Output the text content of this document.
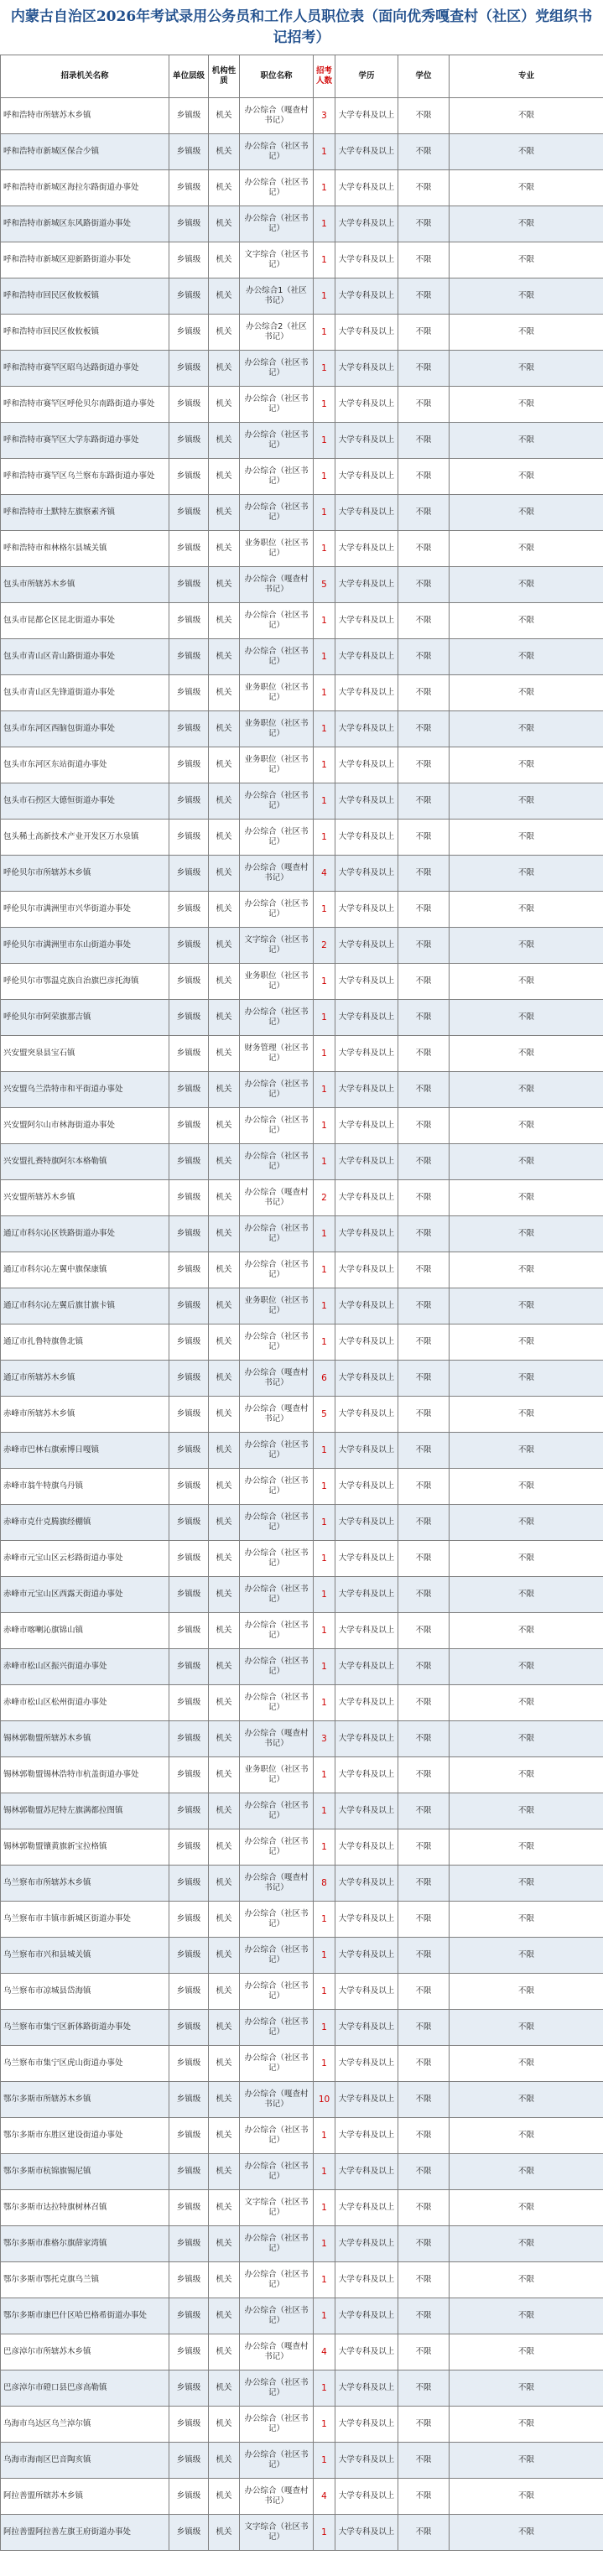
内蒙古自治区2026年考试录用公务员和工作人员职位表（面向优秀嘎查村（社区）党组织书记招考）
招录机关名称	单位层级	机构性质	职位名称	招考人数	学历	学位	专业
呼和浩特市所辖苏木乡镇	乡镇级	机关	办公综合（嘎查村书记）	3	大学专科及以上	不限	不限
呼和浩特市新城区保合少镇	乡镇级	机关	办公综合（社区书记）	1	大学专科及以上	不限	不限
呼和浩特市新城区海拉尔路街道办事处	乡镇级	机关	办公综合（社区书记）	1	大学专科及以上	不限	不限
呼和浩特市新城区东风路街道办事处	乡镇级	机关	办公综合（社区书记）	1	大学专科及以上	不限	不限
呼和浩特市新城区迎新路街道办事处	乡镇级	机关	文字综合（社区书记）	1	大学专科及以上	不限	不限
呼和浩特市回民区攸攸板镇	乡镇级	机关	办公综合1（社区书记）	1	大学专科及以上	不限	不限
呼和浩特市回民区攸攸板镇	乡镇级	机关	办公综合2（社区书记）	1	大学专科及以上	不限	不限
呼和浩特市赛罕区昭乌达路街道办事处	乡镇级	机关	办公综合（社区书记）	1	大学专科及以上	不限	不限
呼和浩特市赛罕区呼伦贝尔南路街道办事处	乡镇级	机关	办公综合（社区书记）	1	大学专科及以上	不限	不限
呼和浩特市赛罕区大学东路街道办事处	乡镇级	机关	办公综合（社区书记）	1	大学专科及以上	不限	不限
呼和浩特市赛罕区乌兰察布东路街道办事处	乡镇级	机关	办公综合（社区书记）	1	大学专科及以上	不限	不限
呼和浩特市土默特左旗察素齐镇	乡镇级	机关	办公综合（社区书记）	1	大学专科及以上	不限	不限
呼和浩特市和林格尔县城关镇	乡镇级	机关	业务职位（社区书记）	1	大学专科及以上	不限	不限
包头市所辖苏木乡镇	乡镇级	机关	办公综合（嘎查村书记）	5	大学专科及以上	不限	不限
包头市昆都仑区昆北街道办事处	乡镇级	机关	办公综合（社区书记）	1	大学专科及以上	不限	不限
包头市青山区青山路街道办事处	乡镇级	机关	办公综合（社区书记）	1	大学专科及以上	不限	不限
包头市青山区先锋道街道办事处	乡镇级	机关	业务职位（社区书记）	1	大学专科及以上	不限	不限
包头市东河区西脑包街道办事处	乡镇级	机关	业务职位（社区书记）	1	大学专科及以上	不限	不限
包头市东河区东站街道办事处	乡镇级	机关	业务职位（社区书记）	1	大学专科及以上	不限	不限
包头市石拐区大德恒街道办事处	乡镇级	机关	办公综合（社区书记）	1	大学专科及以上	不限	不限
包头稀土高新技术产业开发区万水泉镇	乡镇级	机关	办公综合（社区书记）	1	大学专科及以上	不限	不限
呼伦贝尔市所辖苏木乡镇	乡镇级	机关	办公综合（嘎查村书记）	4	大学专科及以上	不限	不限
呼伦贝尔市满洲里市兴华街道办事处	乡镇级	机关	办公综合（社区书记）	1	大学专科及以上	不限	不限
呼伦贝尔市满洲里市东山街道办事处	乡镇级	机关	文字综合（社区书记）	2	大学专科及以上	不限	不限
呼伦贝尔市鄂温克族自治旗巴彦托海镇	乡镇级	机关	业务职位（社区书记）	1	大学专科及以上	不限	不限
呼伦贝尔市阿荣旗那吉镇	乡镇级	机关	办公综合（社区书记）	1	大学专科及以上	不限	不限
兴安盟突泉县宝石镇	乡镇级	机关	财务管理（社区书记）	1	大学专科及以上	不限	不限
兴安盟乌兰浩特市和平街道办事处	乡镇级	机关	办公综合（社区书记）	1	大学专科及以上	不限	不限
兴安盟阿尔山市林海街道办事处	乡镇级	机关	办公综合（社区书记）	1	大学专科及以上	不限	不限
兴安盟扎赉特旗阿尔本格勒镇	乡镇级	机关	办公综合（社区书记）	1	大学专科及以上	不限	不限
兴安盟所辖苏木乡镇	乡镇级	机关	办公综合（嘎查村书记）	2	大学专科及以上	不限	不限
通辽市科尔沁区铁路街道办事处	乡镇级	机关	办公综合（社区书记）	1	大学专科及以上	不限	不限
通辽市科尔沁左翼中旗保康镇	乡镇级	机关	办公综合（社区书记）	1	大学专科及以上	不限	不限
通辽市科尔沁左翼后旗甘旗卡镇	乡镇级	机关	业务职位（社区书记）	1	大学专科及以上	不限	不限
通辽市扎鲁特旗鲁北镇	乡镇级	机关	办公综合（社区书记）	1	大学专科及以上	不限	不限
通辽市所辖苏木乡镇	乡镇级	机关	办公综合（嘎查村书记）	6	大学专科及以上	不限	不限
赤峰市所辖苏木乡镇	乡镇级	机关	办公综合（嘎查村书记）	5	大学专科及以上	不限	不限
赤峰市巴林右旗索博日嘎镇	乡镇级	机关	办公综合（社区书记）	1	大学专科及以上	不限	不限
赤峰市翁牛特旗乌丹镇	乡镇级	机关	办公综合（社区书记）	1	大学专科及以上	不限	不限
赤峰市克什克腾旗经棚镇	乡镇级	机关	办公综合（社区书记）	1	大学专科及以上	不限	不限
赤峰市元宝山区云杉路街道办事处	乡镇级	机关	办公综合（社区书记）	1	大学专科及以上	不限	不限
赤峰市元宝山区西露天街道办事处	乡镇级	机关	办公综合（社区书记）	1	大学专科及以上	不限	不限
赤峰市喀喇沁旗锦山镇	乡镇级	机关	办公综合（社区书记）	1	大学专科及以上	不限	不限
赤峰市松山区振兴街道办事处	乡镇级	机关	办公综合（社区书记）	1	大学专科及以上	不限	不限
赤峰市松山区松州街道办事处	乡镇级	机关	办公综合（社区书记）	1	大学专科及以上	不限	不限
锡林郭勒盟所辖苏木乡镇	乡镇级	机关	办公综合（嘎查村书记）	3	大学专科及以上	不限	不限
锡林郭勒盟锡林浩特市杭盖街道办事处	乡镇级	机关	业务职位（社区书记）	1	大学专科及以上	不限	不限
锡林郭勒盟苏尼特左旗满都拉图镇	乡镇级	机关	办公综合（社区书记）	1	大学专科及以上	不限	不限
锡林郭勒盟镶黄旗新宝拉格镇	乡镇级	机关	办公综合（社区书记）	1	大学专科及以上	不限	不限
乌兰察布市所辖苏木乡镇	乡镇级	机关	办公综合（嘎查村书记）	8	大学专科及以上	不限	不限
乌兰察布市丰镇市新城区街道办事处	乡镇级	机关	办公综合（社区书记）	1	大学专科及以上	不限	不限
乌兰察布市兴和县城关镇	乡镇级	机关	办公综合（社区书记）	1	大学专科及以上	不限	不限
乌兰察布市凉城县岱海镇	乡镇级	机关	办公综合（社区书记）	1	大学专科及以上	不限	不限
乌兰察布市集宁区新体路街道办事处	乡镇级	机关	办公综合（社区书记）	1	大学专科及以上	不限	不限
乌兰察布市集宁区虎山街道办事处	乡镇级	机关	办公综合（社区书记）	1	大学专科及以上	不限	不限
鄂尔多斯市所辖苏木乡镇	乡镇级	机关	办公综合（嘎查村书记）	10	大学专科及以上	不限	不限
鄂尔多斯市东胜区建设街道办事处	乡镇级	机关	办公综合（社区书记）	1	大学专科及以上	不限	不限
鄂尔多斯市杭锦旗锡尼镇	乡镇级	机关	办公综合（社区书记）	1	大学专科及以上	不限	不限
鄂尔多斯市达拉特旗树林召镇	乡镇级	机关	文字综合（社区书记）	1	大学专科及以上	不限	不限
鄂尔多斯市准格尔旗薛家湾镇	乡镇级	机关	办公综合（社区书记）	1	大学专科及以上	不限	不限
鄂尔多斯市鄂托克旗乌兰镇	乡镇级	机关	办公综合（社区书记）	1	大学专科及以上	不限	不限
鄂尔多斯市康巴什区哈巴格希街道办事处	乡镇级	机关	办公综合（社区书记）	1	大学专科及以上	不限	不限
巴彦淖尔市所辖苏木乡镇	乡镇级	机关	办公综合（嘎查村书记）	4	大学专科及以上	不限	不限
巴彦淖尔市磴口县巴彦高勒镇	乡镇级	机关	办公综合（社区书记）	1	大学专科及以上	不限	不限
乌海市乌达区乌兰淖尔镇	乡镇级	机关	办公综合（社区书记）	1	大学专科及以上	不限	不限
乌海市海南区巴音陶亥镇	乡镇级	机关	办公综合（社区书记）	1	大学专科及以上	不限	不限
阿拉善盟所辖苏木乡镇	乡镇级	机关	办公综合（嘎查村书记）	4	大学专科及以上	不限	不限
阿拉善盟阿拉善左旗王府街道办事处	乡镇级	机关	文字综合（社区书记）	1	大学专科及以上	不限	不限
